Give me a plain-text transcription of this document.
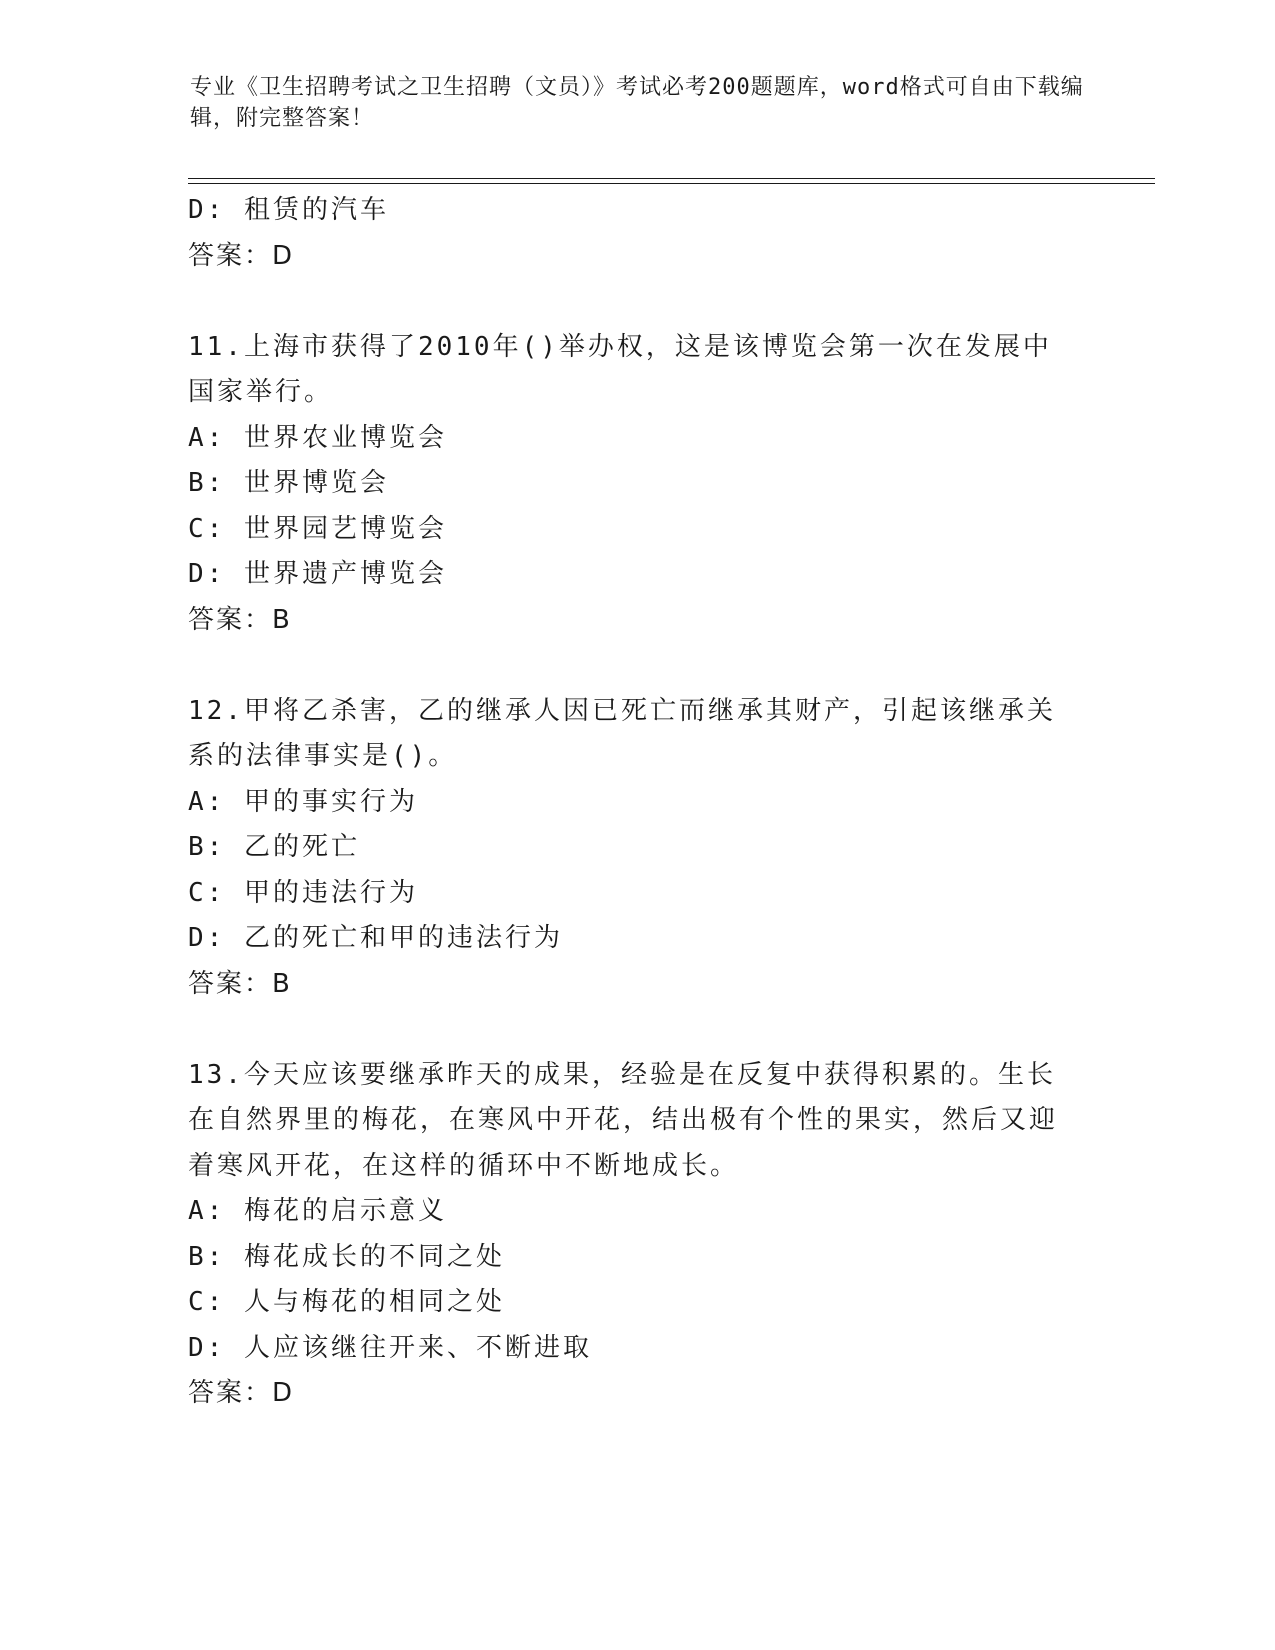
专业《卫生招聘考试之卫生招聘（文员）》考试必考200题题库，word格式可自由下载编辑，附完整答案！

D: 租赁的汽车

答案：D

11.上海市获得了2010年()举办权，这是该博览会第一次在发展中国家举行。

A: 世界农业博览会

B: 世界博览会

C: 世界园艺博览会

D: 世界遗产博览会

答案：B

12.甲将乙杀害，乙的继承人因已死亡而继承其财产，引起该继承关系的法律事实是()。

A: 甲的事实行为

B: 乙的死亡

C: 甲的违法行为

D: 乙的死亡和甲的违法行为

答案：B

13.今天应该要继承昨天的成果，经验是在反复中获得积累的。生长在自然界里的梅花，在寒风中开花，结出极有个性的果实，然后又迎着寒风开花，在这样的循环中不断地成长。

A: 梅花的启示意义

B: 梅花成长的不同之处

C: 人与梅花的相同之处

D: 人应该继往开来、不断进取

答案：D
